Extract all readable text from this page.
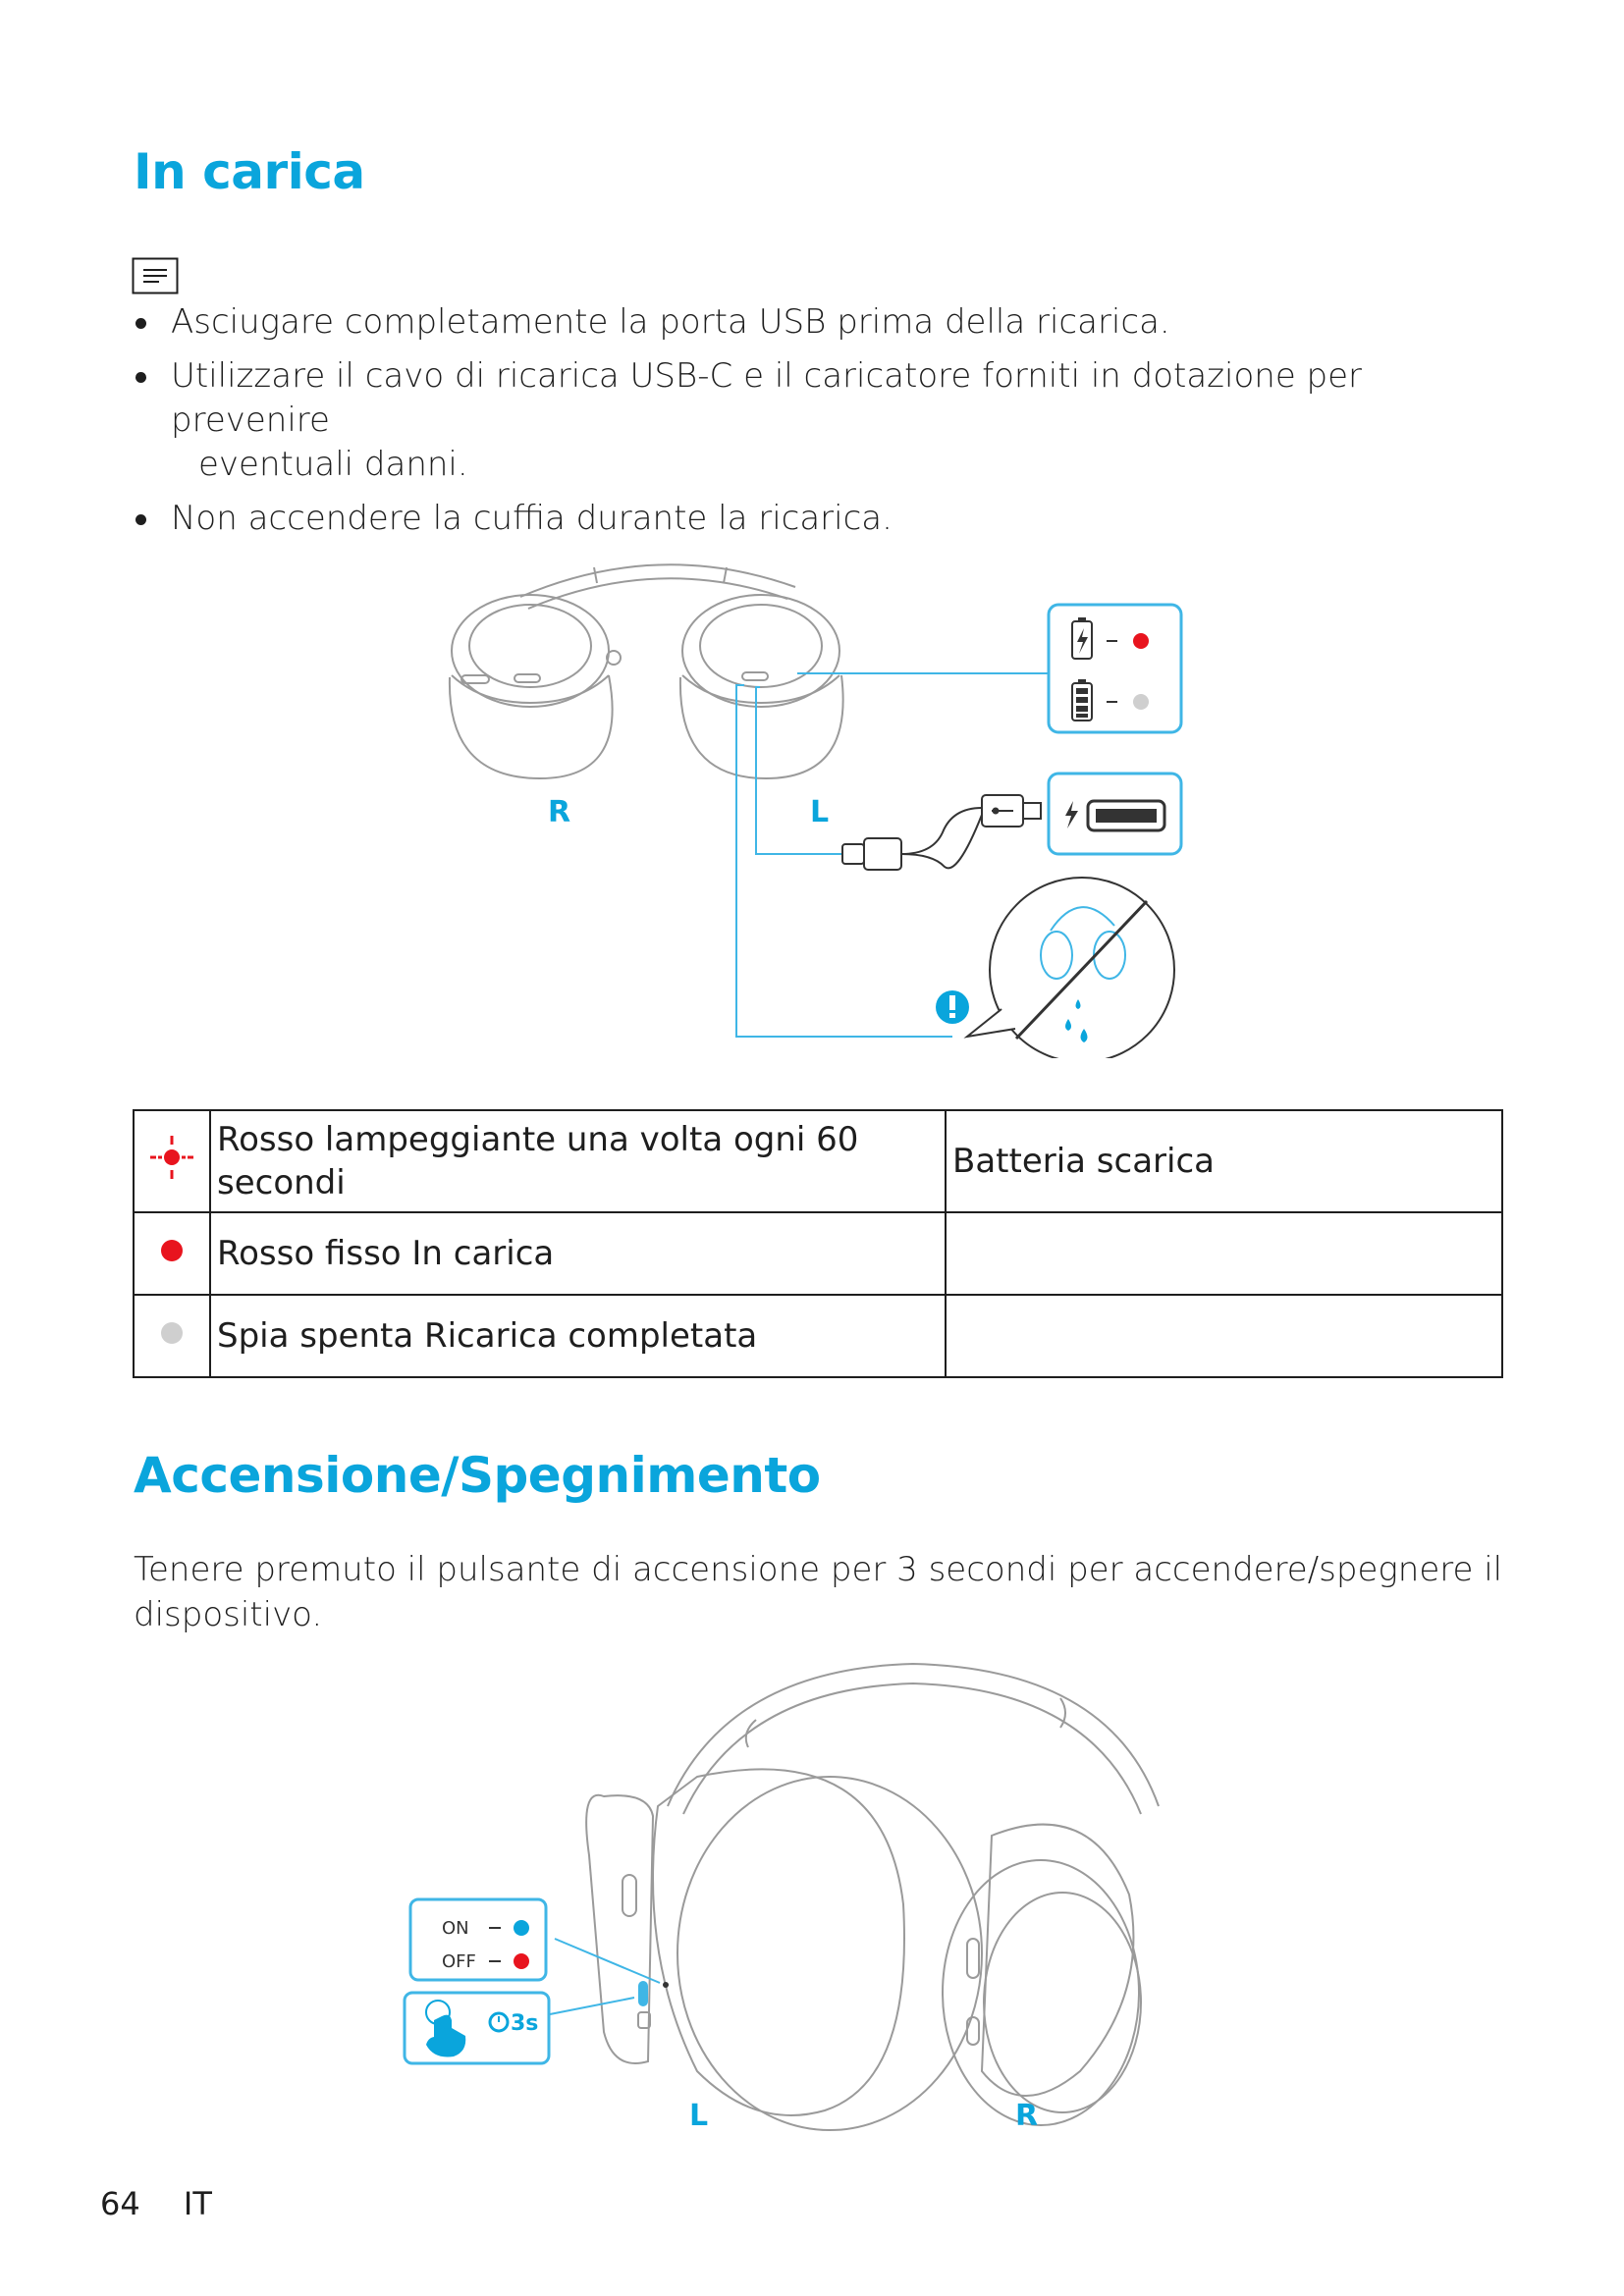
In carica
Asciugare completamente la porta USB prima della ricarica.
Utilizzare il cavo di ricarica USB-C e il caricatore forniti in dotazione per prevenire
eventuali danni.
Non accendere la cuffia durante la ricarica.
R	L
	Rosso lampeggiante una volta ogni 60 secondi	Batteria scarica
	Rosso fisso In carica	
	Spia spenta Ricarica completata	
Accensione/Spegnimento

Tenere premuto il pulsante di accensione per 3 secondi per accendere/spegnere il dispositivo.

ON
OFF
3s
L	R
64 IT
